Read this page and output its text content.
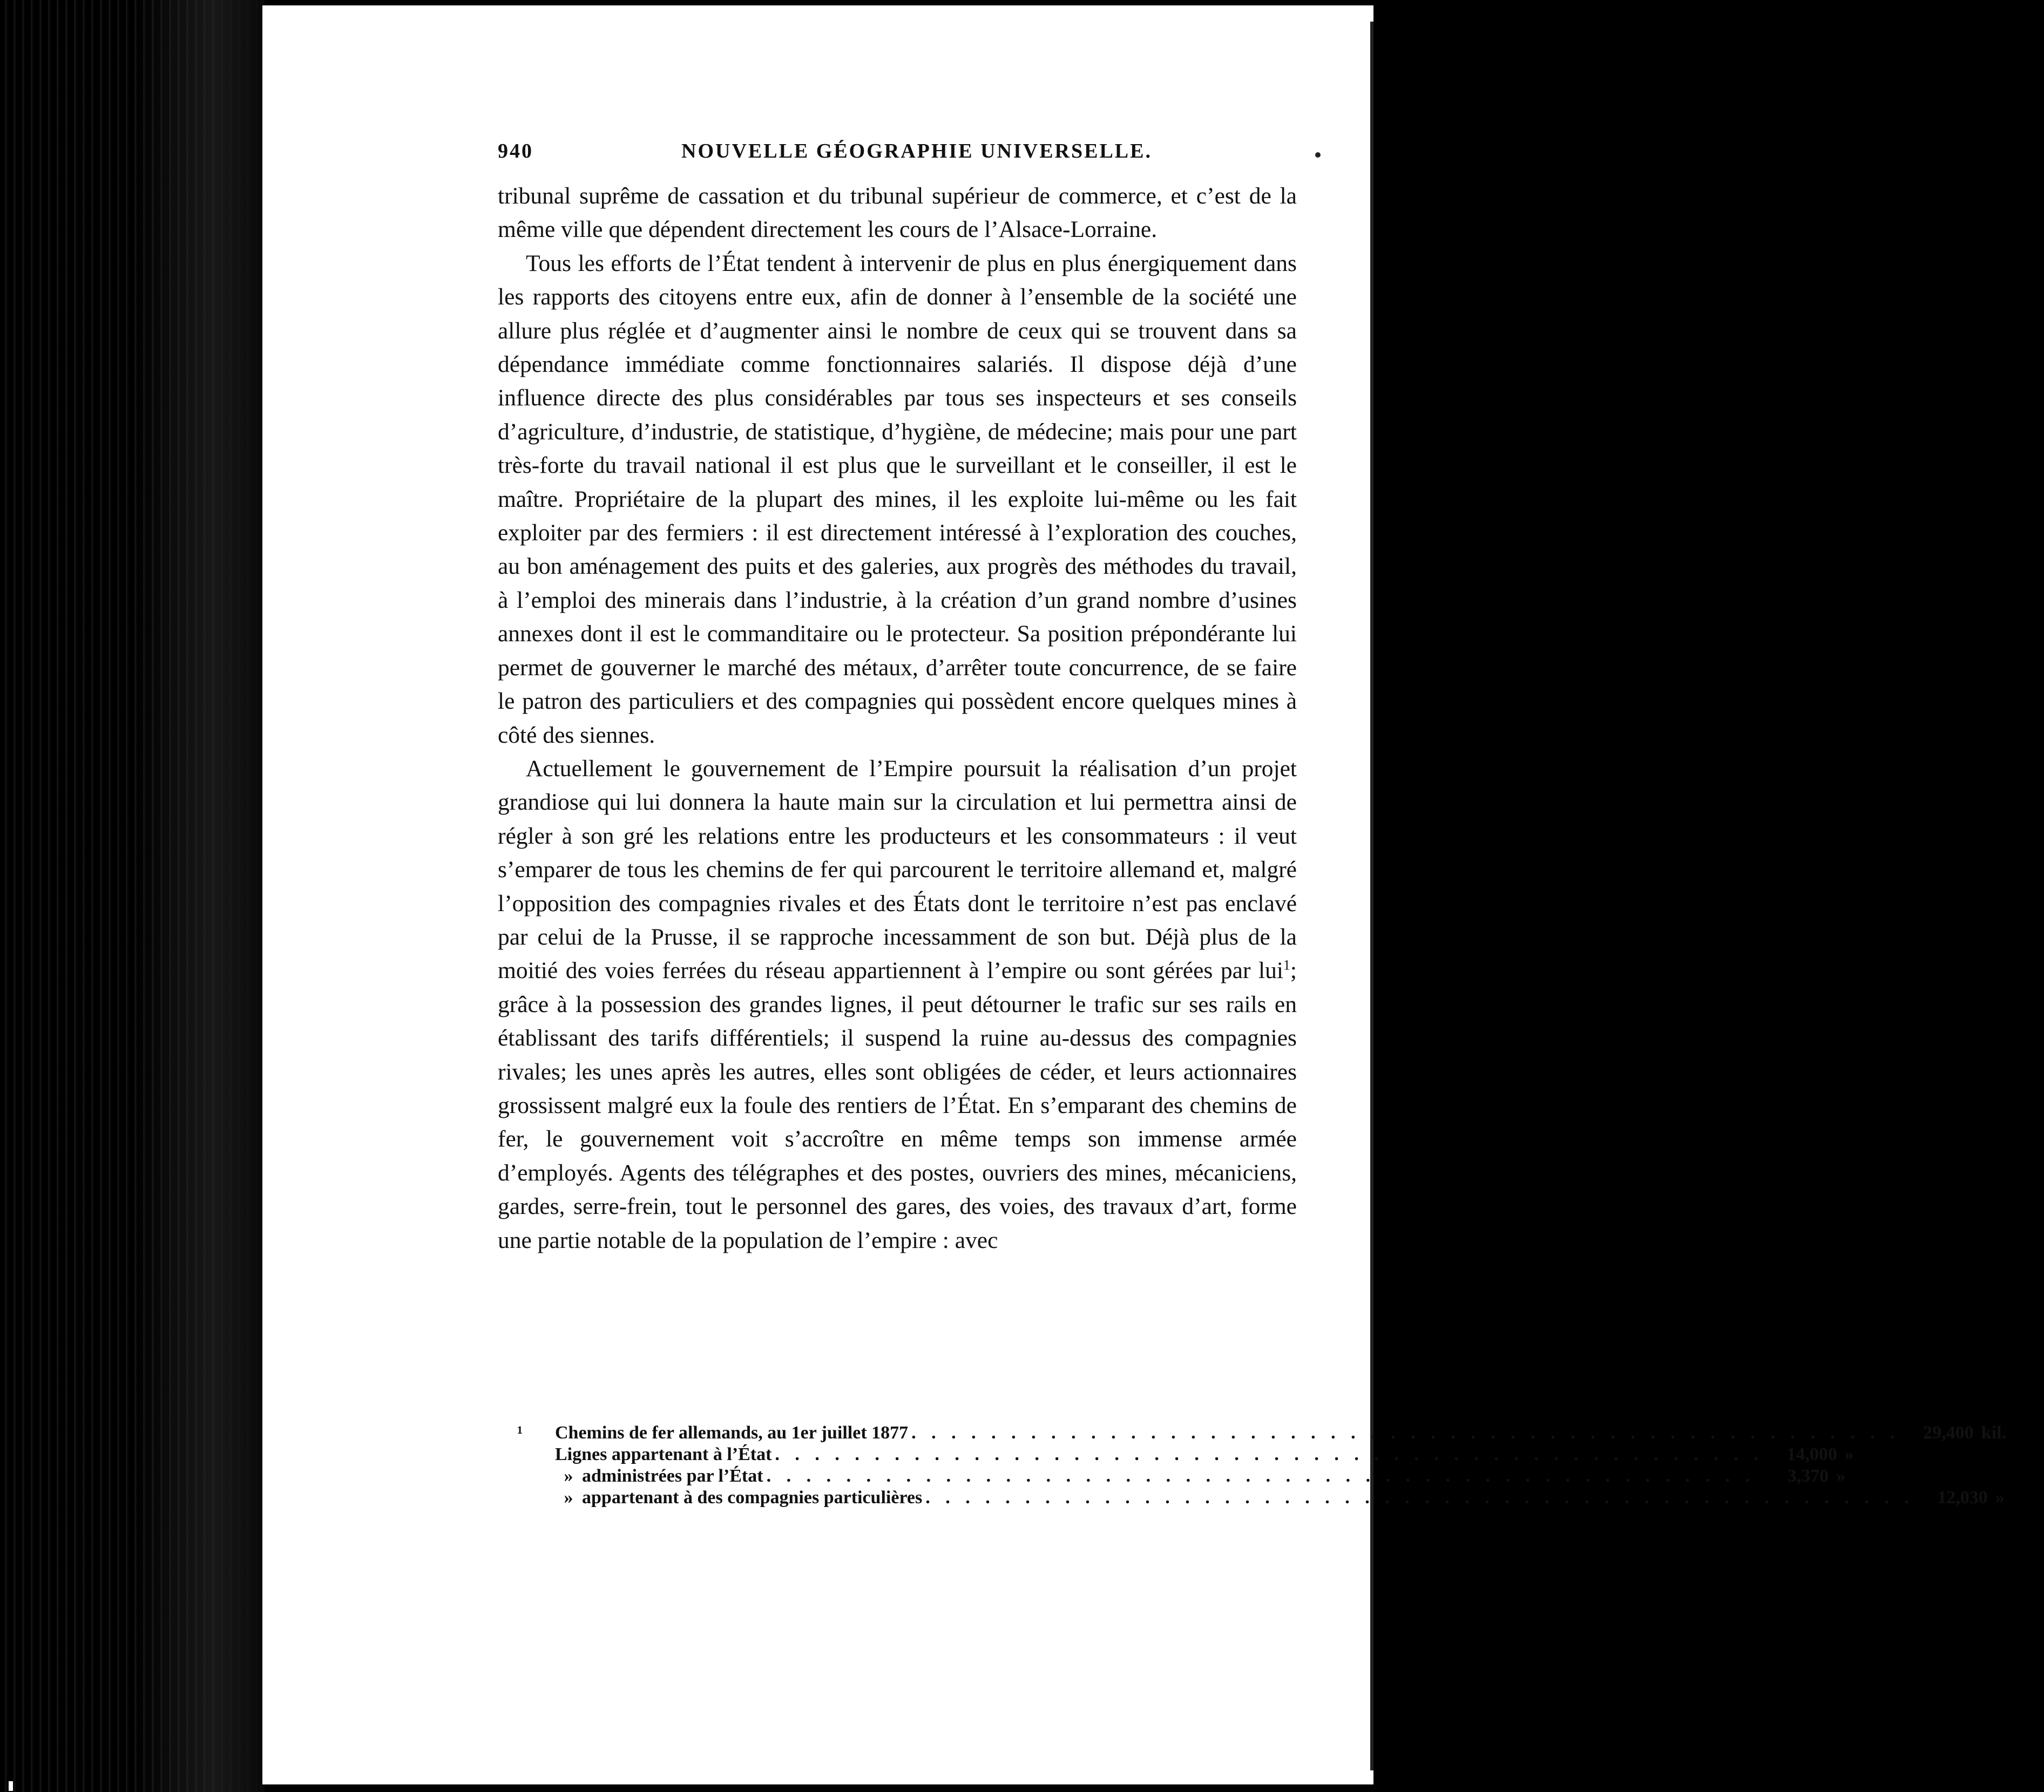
940	NOUVELLE GÉOGRAPHIE UNIVERSELLE.

tribunal suprême de cassation et du tribunal supérieur de commerce, et c’est de la même ville que dépendent directement les cours de l’Alsace-Lorraine.

Tous les efforts de l’État tendent à intervenir de plus en plus énergiquement dans les rapports des citoyens entre eux, afin de donner à l’ensemble de la société une allure plus réglée et d’augmenter ainsi le nombre de ceux qui se trouvent dans sa dépendance immédiate comme fonctionnaires salariés. Il dispose déjà d’une influence directe des plus considérables par tous ses inspecteurs et ses conseils d’agriculture, d’industrie, de statistique, d’hygiène, de médecine; mais pour une part très-forte du travail national il est plus que le surveillant et le conseiller, il est le maître. Propriétaire de la plupart des mines, il les exploite lui-même ou les fait exploiter par des fermiers : il est directement intéressé à l’exploration des couches, au bon aménagement des puits et des galeries, aux progrès des méthodes du travail, à l’emploi des minerais dans l’industrie, à la création d’un grand nombre d’usines annexes dont il est le commanditaire ou le protecteur. Sa position prépondérante lui permet de gouverner le marché des métaux, d’arrêter toute concurrence, de se faire le patron des particuliers et des compagnies qui possèdent encore quelques mines à côté des siennes.

Actuellement le gouvernement de l’Empire poursuit la réalisation d’un projet grandiose qui lui donnera la haute main sur la circulation et lui permettra ainsi de régler à son gré les relations entre les producteurs et les consommateurs : il veut s’emparer de tous les chemins de fer qui parcourent le territoire allemand et, malgré l’opposition des compagnies rivales et des États dont le territoire n’est pas enclavé par celui de la Prusse, il se rapproche incessamment de son but. Déjà plus de la moitié des voies ferrées du réseau appartiennent à l’empire ou sont gérées par lui$^1$; grâce à la possession des grandes lignes, il peut détourner le trafic sur ses rails en établissant des tarifs différentiels; il suspend la ruine au-dessus des compagnies rivales; les unes après les autres, elles sont obligées de céder, et leurs actionnaires grossissent malgré eux la foule des rentiers de l’État. En s’emparant des chemins de fer, le gouvernement voit s’accroître en même temps son immense armée d’employés. Agents des télégraphes et des postes, ouvriers des mines, mécaniciens, gardes, serre-frein, tout le personnel des gares, des voies, des travaux d’art, forme une partie notable de la population de l’empire : avec

¹	Chemins de fer allemands, au 1er juillet 1877 . . . . . . . . . . . . . . . . . . . . . . . . . . . . . . . . . . . . . . . . . . . . . . . . . .	29,400 kil.
Lignes appartenant à l’État . . . . . . . . . . . . . . . . . . . . . . . . . . . . . . . . . . . . . . . . . . . . . . . . . .	14,000 »
» administrées par l’État . . . . . . . . . . . . . . . . . . . . . . . . . . . . . . . . . . . . . . . . . . . . . . . . . .	3,370 »
» appartenant à des compagnies particulières . . . . . . . . . . . . . . . . . . . . . . . . . . . . . . . . . . . . . . . . . . . . . . . . . .	12,030 »
